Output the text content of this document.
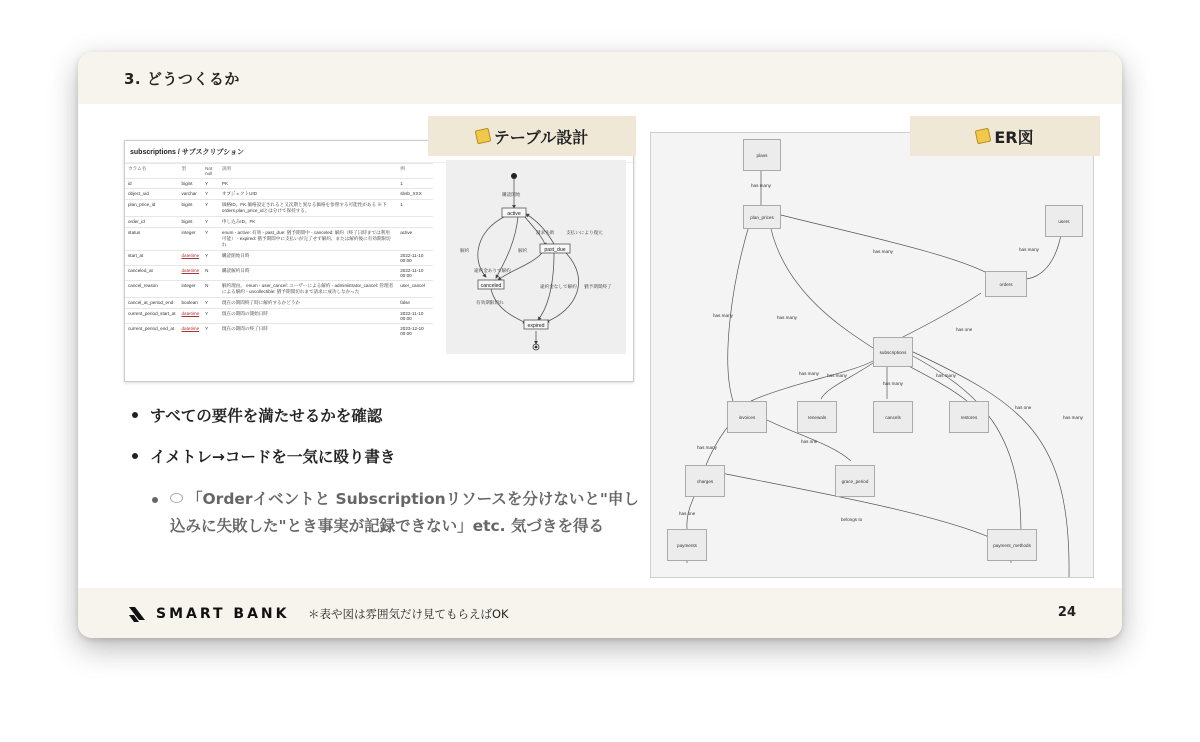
3. どうつくるか
subscriptions / サブスクリプション
カラム名	型	Not null	説明	例
id	bigint	Y	PK	1
object_uid	varchar	Y	オブジェクトUID	sbsb_XXX
plan_price_id	bigint	Y	価格ID。FK 価格設定されると又次期と異なる価格を参照する可能性がある ※下orders.plan_price_idとは分けて保持する。	1
order_id	bigint	Y	申し込みID。FK	
status	integer	Y	enum - active: 有効 - past_due: 猶予期間中 - canceled: 解約（終了日時までは利用可能） - expired: 猶予期間中に支払いが完了せず解約、または解約後に有効期限切れ	active
start_at	datetime	Y	購読開始日時	2022-11-10 00:00
canceled_at	datetime	N	購読解約日時	2022-11-10 00:00
cancel_reason	integer	N	解約理由。 enum - user_cancel: ユーザーによる解約 - administrator_cancel: 管理者による解約 - uncollectible: 猶予期間切れまで請求に成功しなかった	user_cancel
cancel_at_period_end	boolean	Y	現在の期間終了時に解約するかどうか	false
current_period_start_at	datetime	Y	現在の期間の開始日時	2022-11-10 00:00
current_period_end_at	datetime	Y	現在の期間の終了日時	2023-12-10 00:00
テーブル設計
active
past_due
canceled
expired
購読開始
解約	解約
請求失敗	支払いにより復元
違約金ありで解約
違約金なしで解約 猶予期間終了
有効期限切れ
すべての要件を満たせるかを確認
イメトレ→コードを一気に殴り書き
「Orderイベントと Subscriptionリソースを分けないと"申し込みに失敗した"とき事実が記録できない」etc. 気づきを得る
has many
has many	has many
has many	has many
has one
has many has many
has many
has many
has one
has many
has many
has one
has one
belongs to
plans
plan_prices
users
orders
subscriptions
invoices	renewals	cancels	restores
charges	grace_period
payments	payment_methods
ER図
SMART BANK ＊表や図は雰囲気だけ見てもらえばOK	24
